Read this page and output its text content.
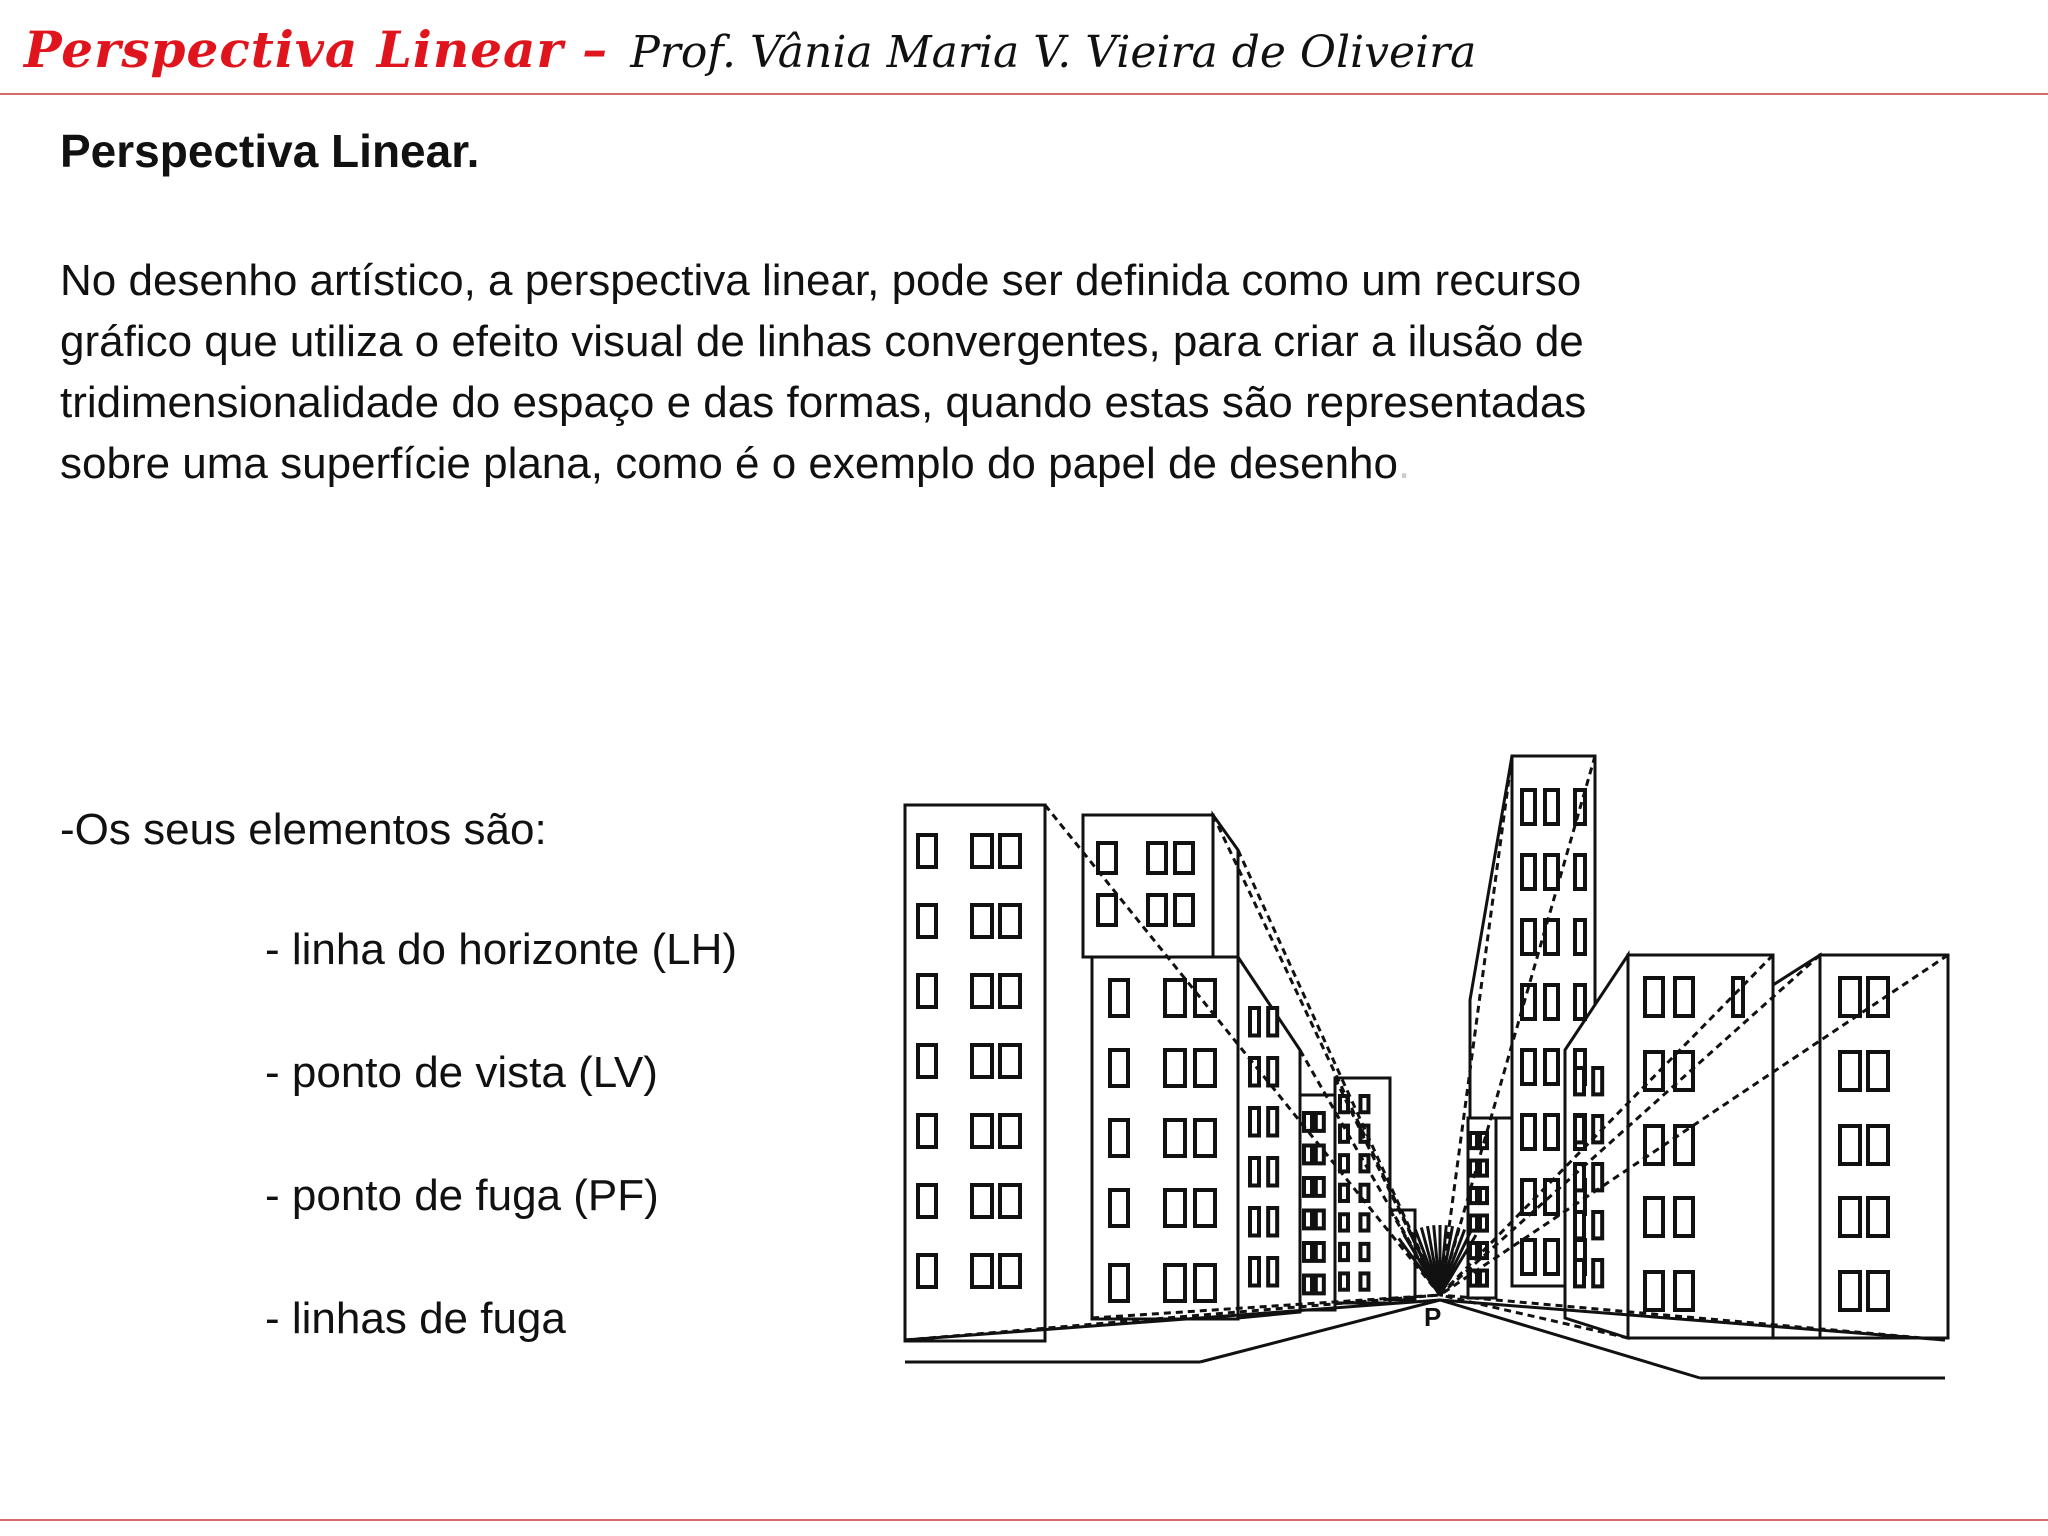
Perspectiva Linear – Prof. Vânia Maria V. Vieira de Oliveira
Perspectiva Linear.

No desenho artístico, a perspectiva linear, pode ser definida como um recurso
gráfico que utiliza o efeito visual de linhas convergentes, para criar a ilusão de
tridimensionalidade do espaço e das formas, quando estas são representadas
sobre uma superfície plana, como é o exemplo do papel de desenho.

-Os seus elementos são:

- linha do horizonte (LH)
- ponto de vista (LV)
- ponto de fuga (PF)
- linhas de fuga	P
